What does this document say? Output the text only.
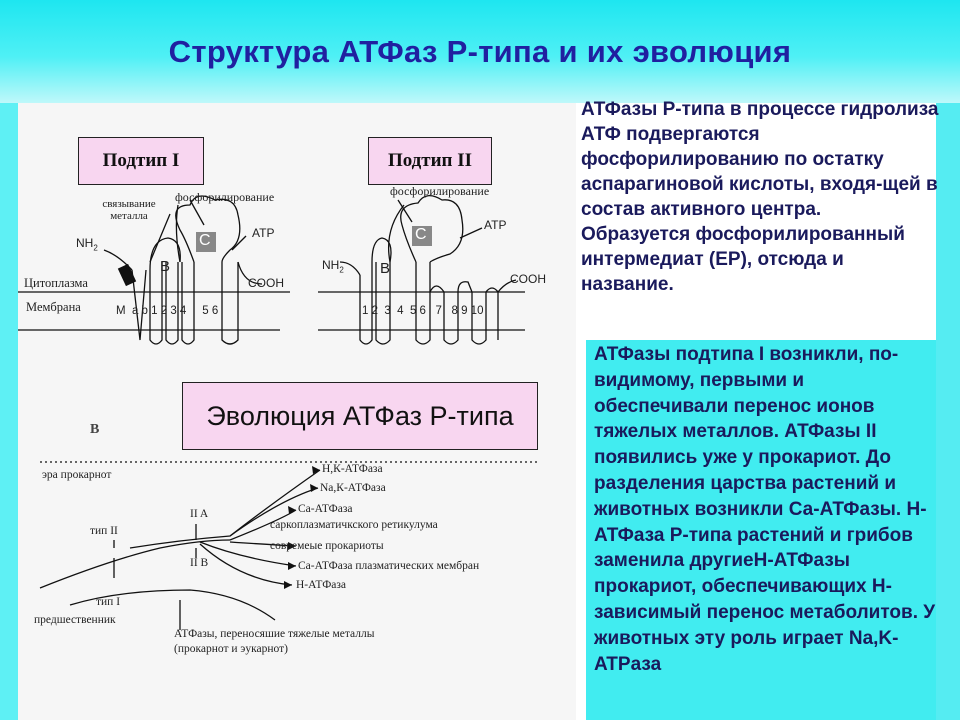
Структура АТФаз Р-типа и их эволюция
Подтип I	Подтип II
фосфорилирование
связывание
металла
$NH_2$
B
C	ATP
COOH
Цитоплазма
Мембрана	M  a b 1 2 3 4     5 6
фосфорилирование
$NH_2$ B
C
ATP
COOH
1 2  3  4  5 6   7   8 9 10
Эволюция АТФаз Р-типа
В
эра прокарнот
тип II
тип I
предшественник
II A
II B
Н,К-АТФаза
Na,К-АТФаза
Са-АТФаза
саркоплазматичкского ретикулума
совремеые прокариоты
Са-АТФаза плазматических мембран
Н-АТФаза
АТФазы, переносяшие тяжелые металлы
(прокарнот и эукарнот)
АТФазы Р-типа в процессе гидролиза АТФ подвергаются фосфорилированию по остатку аспарагиновой кислоты, входя-щей в состав активного центра.
Образуется фосфорилированный интермедиат (ЕР), отсюда и название.
АТФазы подтипа I возникли, по-видимому, первыми и обеспечивали перенос ионов тяжелых металлов. АТФазы II появились уже у прокариот. До разделения царства растений и животных возникли Са-АТФазы. Н-АТФаза Р-типа растений и грибов заменила другиеН-АТФазы прокариот, обеспечивающих Н-зависимый перенос метаболитов. У животных эту роль играет Na,K-ATPаза
